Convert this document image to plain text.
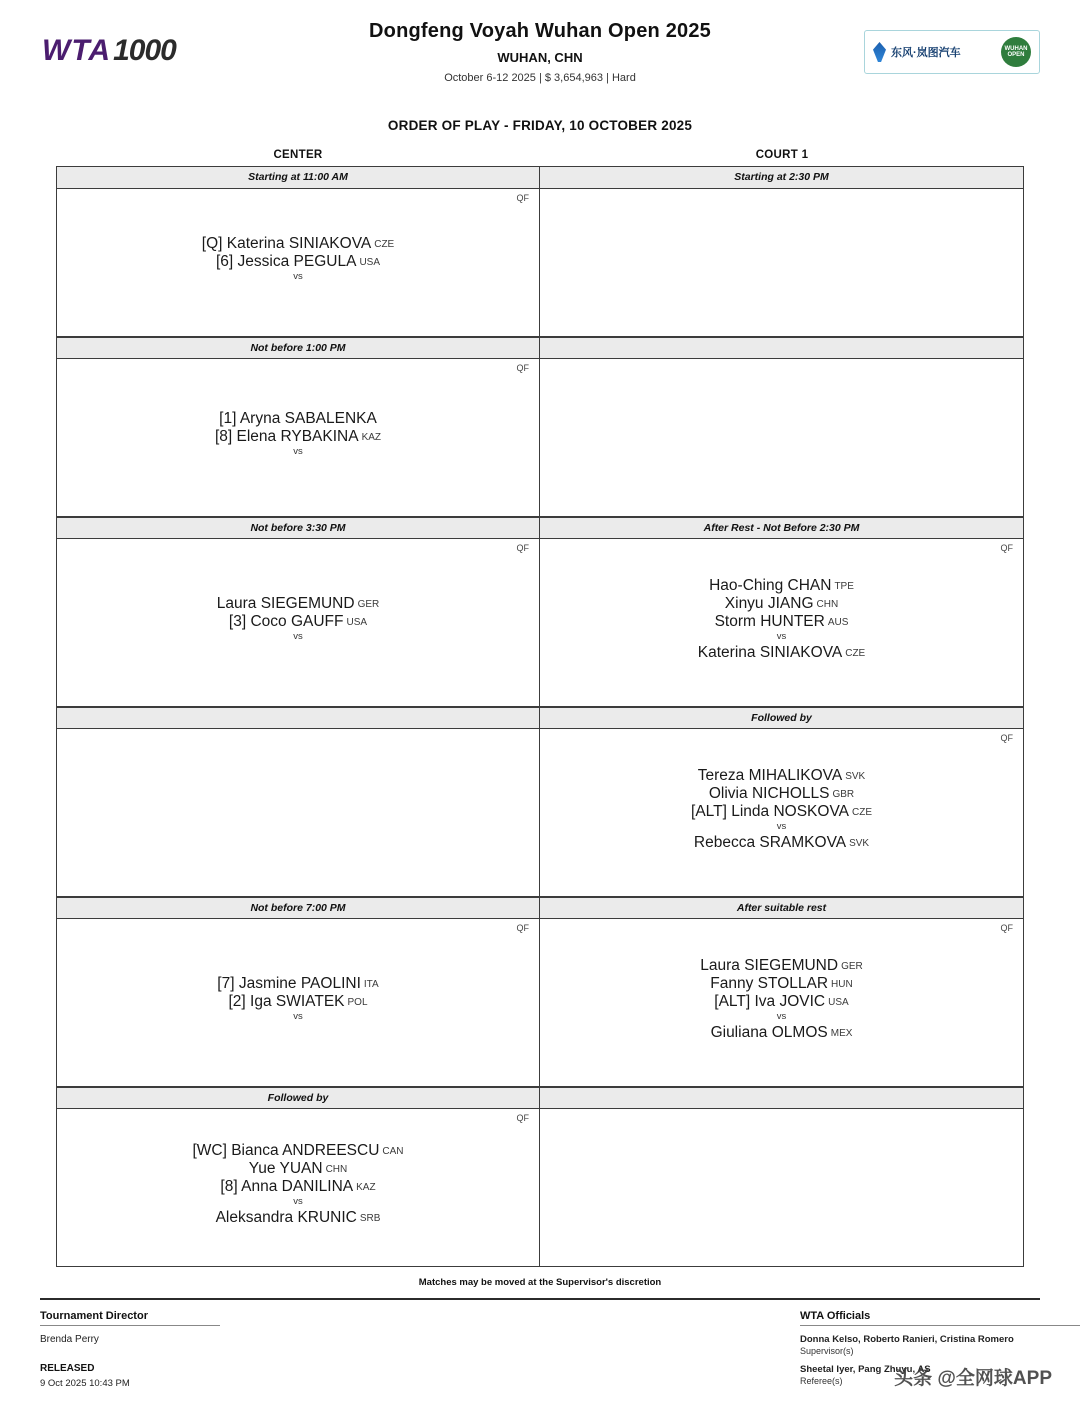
WTA 1000
Dongfeng Voyah Wuhan Open 2025
WUHAN, CHN
October 6-12 2025 | $ 3,654,963 | Hard
东风·岚图汽车	WUHAN
OPEN
ORDER OF PLAY - FRIDAY, 10 OCTOBER 2025
CENTER	COURT 1
Starting at 11:00 AM
QF
[Q] Katerina SINIAKOVA CZE
[6] Jessica PEGULA USA
vs
Not before 1:00 PM
QF
[1] Aryna SABALENKA
[8] Elena RYBAKINA KAZ
vs
Not before 3:30 PM
QF
Laura SIEGEMUND GER
[3] Coco GAUFF USA
vs

Not before 7:00 PM
QF
[7] Jasmine PAOLINI ITA
[2] Iga SWIATEK POL
vs
Followed by
QF
[WC] Bianca ANDREESCU CAN
Yue YUAN CHN
[8] Anna DANILINA KAZ
vs
Aleksandra KRUNIC SRB
Starting at 2:30 PM

After Rest - Not Before 2:30 PM
QF
Hao-Ching CHAN TPE
Xinyu JIANG CHN
Storm HUNTER AUS
vs
Katerina SINIAKOVA CZE
Followed by
QF
Tereza MIHALIKOVA SVK
Olivia NICHOLLS GBR
[ALT] Linda NOSKOVA CZE
vs
Rebecca SRAMKOVA SVK
After suitable rest
QF
Laura SIEGEMUND GER
Fanny STOLLAR HUN
[ALT] Iva JOVIC USA
vs
Giuliana OLMOS MEX

Matches may be moved at the Supervisor's discretion
Tournament Director
Brenda Perry
RELEASED
9 Oct 2025 10:43 PM
WTA Officials
Donna Kelso, Roberto Ranieri, Cristina Romero
Supervisor(s)
Sheetal Iyer, Pang Zhuyu, AS
Referee(s)	头条 @全网球APP
